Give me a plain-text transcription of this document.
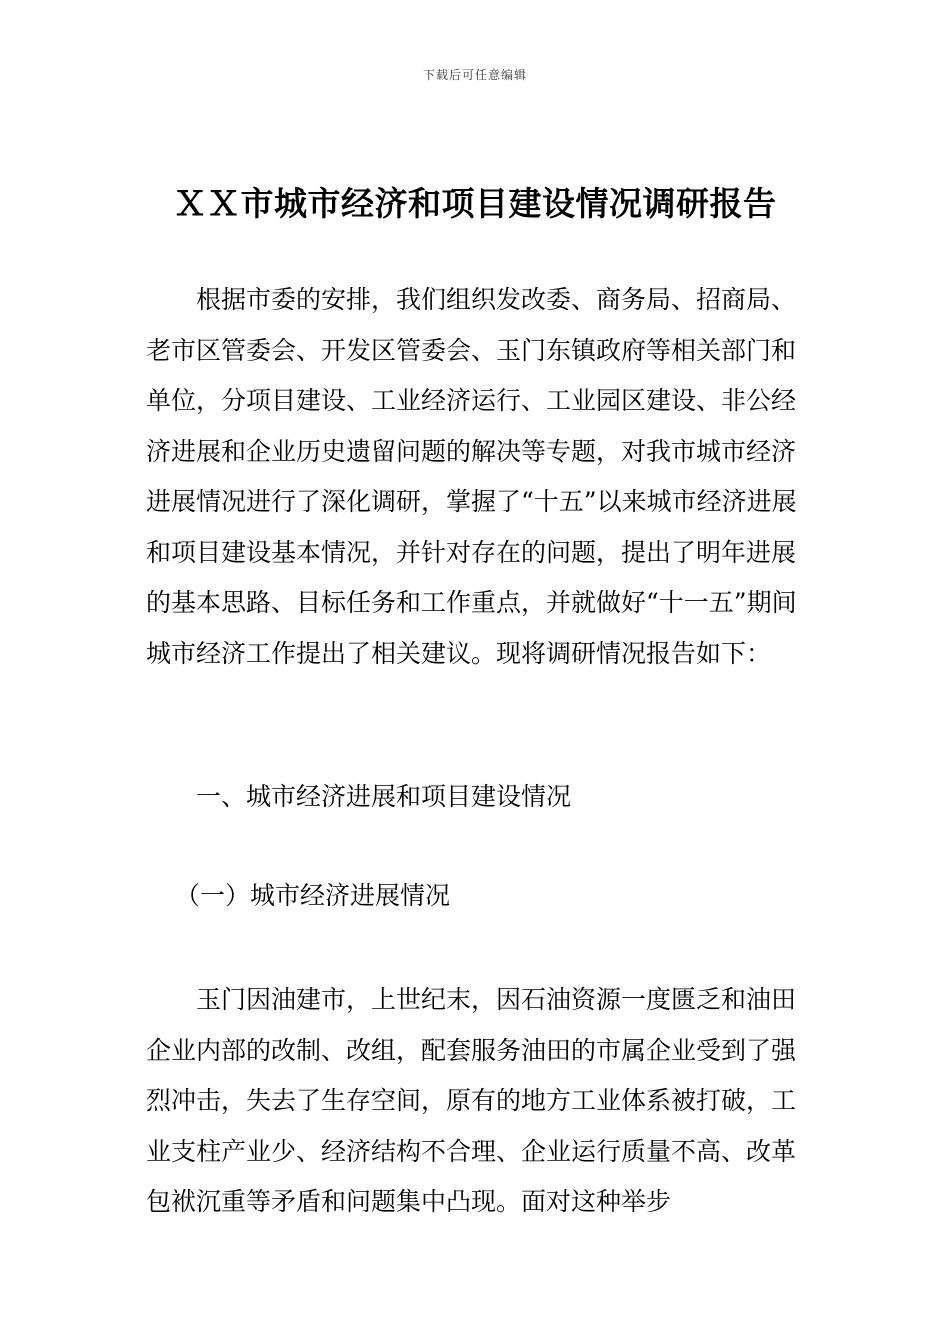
下载后可任意编辑
ＸＸ市城市经济和项目建设情况调研报告

根据市委的安排，我们组织发改委、商务局、招商局、老市区管委会、开发区管委会、玉门东镇政府等相关部门和单位，分项目建设、工业经济运行、工业园区建设、非公经济进展和企业历史遗留问题的解决等专题，对我市城市经济进展情况进行了深化调研，掌握了“十五”以来城市经济进展和项目建设基本情况，并针对存在的问题，提出了明年进展的基本思路、目标任务和工作重点，并就做好“十一五”期间城市经济工作提出了相关建议。现将调研情况报告如下：

一、城市经济进展和项目建设情况
（一）城市经济进展情况

玉门因油建市，上世纪末，因石油资源一度匮乏和油田企业内部的改制、改组，配套服务油田的市属企业受到了强烈冲击，失去了生存空间，原有的地方工业体系被打破，工业支柱产业少、经济结构不合理、企业运行质量不高、改革包袱沉重等矛盾和问题集中凸现。面对这种举步
